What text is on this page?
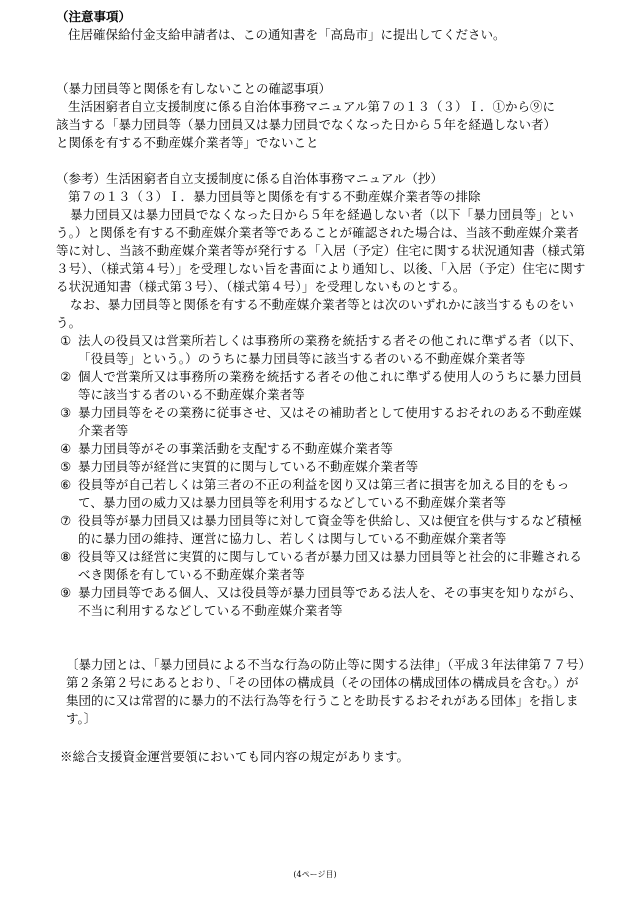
（注意事項）
住居確保給付金支給申請者は、この通知書を「高島市」に提出してください。
（暴力団員等と関係を有しないことの確認事項）
生活困窮者自立支援制度に係る自治体事務マニュアル第７の１３（３）Ｉ．①から⑨に
該当する「暴力団員等（暴力団員又は暴力団員でなくなった日から５年を経過しない者）
と関係を有する不動産媒介業者等」でないこと
（参考）生活困窮者自立支援制度に係る自治体事務マニュアル（抄）
第７の１３（３）Ｉ．暴力団員等と関係を有する不動産媒介業者等の排除
暴力団員又は暴力団員でなくなった日から５年を経過しない者（以下「暴力団員等」という。）と関係を有する不動産媒介業者等であることが確認された場合は、当該不動産媒介業者等に対し、当該不動産媒介業者等が発行する「入居（予定）住宅に関する状況通知書（様式第３号）、（様式第４号）」を受理しない旨を書面により通知し、以後、「入居（予定）住宅に関する状況通知書（様式第３号）、（様式第４号）」を受理しないものとする。
なお、暴力団員等と関係を有する不動産媒介業者等とは次のいずれかに該当するものをいう。
① 法人の役員又は営業所若しくは事務所の業務を統括する者その他これに準ずる者（以下、「役員等」という。）のうちに暴力団員等に該当する者のいる不動産媒介業者等
② 個人で営業所又は事務所の業務を統括する者その他これに準ずる使用人のうちに暴力団員等に該当する者のいる不動産媒介業者等
③ 暴力団員等をその業務に従事させ、又はその補助者として使用するおそれのある不動産媒介業者等
④ 暴力団員等がその事業活動を支配する不動産媒介業者等
⑤ 暴力団員等が経営に実質的に関与している不動産媒介業者等
⑥ 役員等が自己若しくは第三者の不正の利益を図り又は第三者に損害を加える目的をもって、暴力団の威力又は暴力団員等を利用するなどしている不動産媒介業者等
⑦ 役員等が暴力団員又は暴力団員等に対して資金等を供給し、又は便宜を供与するなど積極的に暴力団の維持、運営に協力し、若しくは関与している不動産媒介業者等
⑧ 役員等又は経営に実質的に関与している者が暴力団又は暴力団員等と社会的に非難されるべき関係を有している不動産媒介業者等
⑨ 暴力団員等である個人、又は役員等が暴力団員等である法人を、その事実を知りながら、不当に利用するなどしている不動産媒介業者等
〔暴力団とは、「暴力団員による不当な行為の防止等に関する法律」（平成３年法律第７７号）第２条第２号にあるとおり、「その団体の構成員（その団体の構成団体の構成員を含む。）が集団的に又は常習的に暴力的不法行為等を行うことを助長するおそれがある団体」を指します。〕
※総合支援資金運営要領においても同内容の規定があります。
(4ページ目)
